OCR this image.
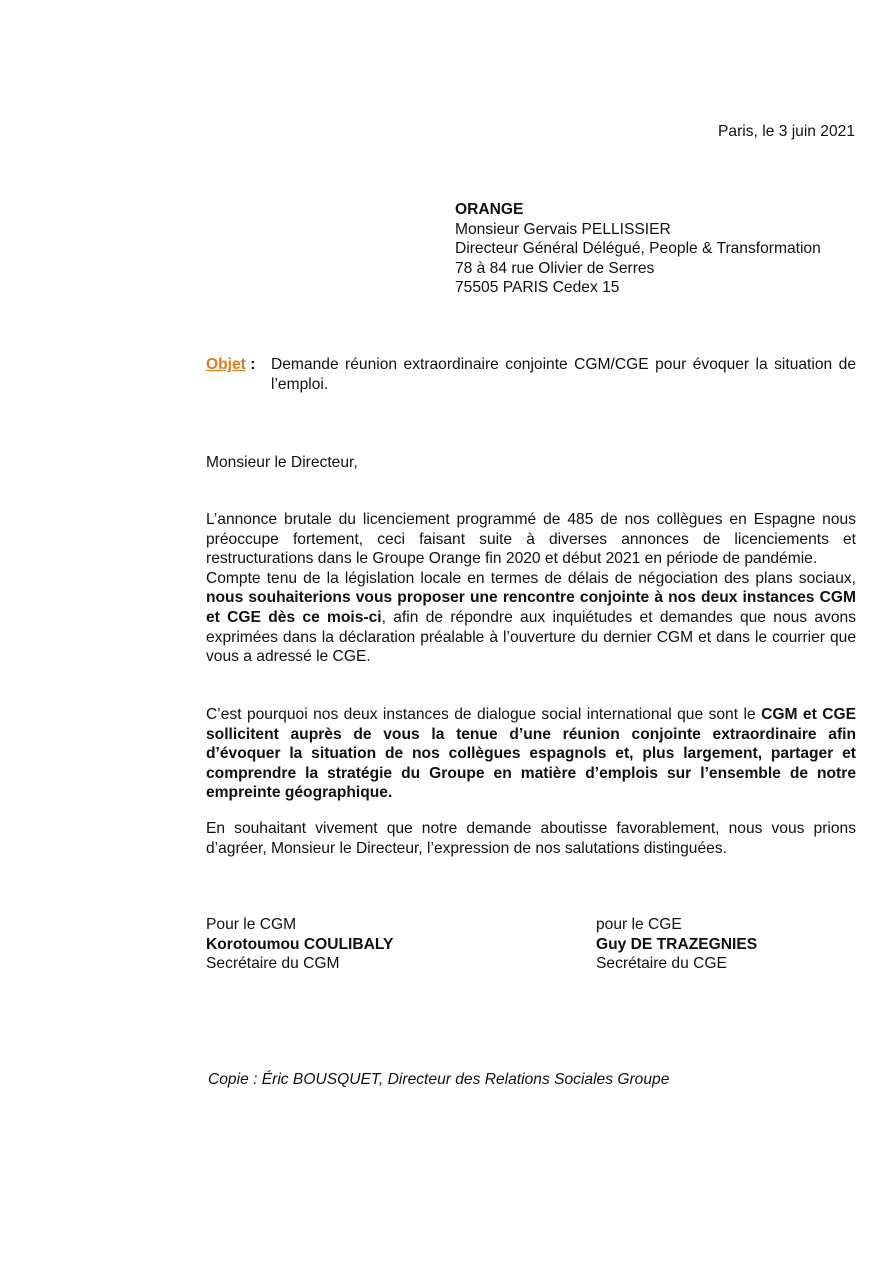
Paris, le 3 juin 2021
ORANGE
Monsieur Gervais PELLISSIER
Directeur Général Délégué, People & Transformation
78 à 84 rue Olivier de Serres
75505 PARIS Cedex 15
Objet : Demande réunion extraordinaire conjointe CGM/CGE pour évoquer la situation de l’emploi.
Monsieur le Directeur,
L’annonce brutale du licenciement programmé de 485 de nos collègues en Espagne nous préoccupe fortement, ceci faisant suite à diverses annonces de licenciements et restructurations dans le Groupe Orange fin 2020 et début 2021 en période de pandémie.
Compte tenu de la législation locale en termes de délais de négociation des plans sociaux, nous souhaiterions vous proposer une rencontre conjointe à nos deux instances CGM et CGE dès ce mois-ci, afin de répondre aux inquiétudes et demandes que nous avons exprimées dans la déclaration préalable à l’ouverture du dernier CGM et dans le courrier que vous a adressé le CGE.
C’est pourquoi nos deux instances de dialogue social international que sont le CGM et CGE sollicitent auprès de vous la tenue d’une réunion conjointe extraordinaire afin d’évoquer la situation de nos collègues espagnols et, plus largement, partager et comprendre la stratégie du Groupe en matière d’emplois sur l’ensemble de notre empreinte géographique.
En souhaitant vivement que notre demande aboutisse favorablement, nous vous prions d’agréer, Monsieur le Directeur, l’expression de nos salutations distinguées.
Pour le CGM
Korotoumou COULIBALY
Secrétaire du CGM
pour le CGE
Guy DE TRAZEGNIES
Secrétaire du CGE
Copie : Éric BOUSQUET, Directeur des Relations Sociales Groupe
